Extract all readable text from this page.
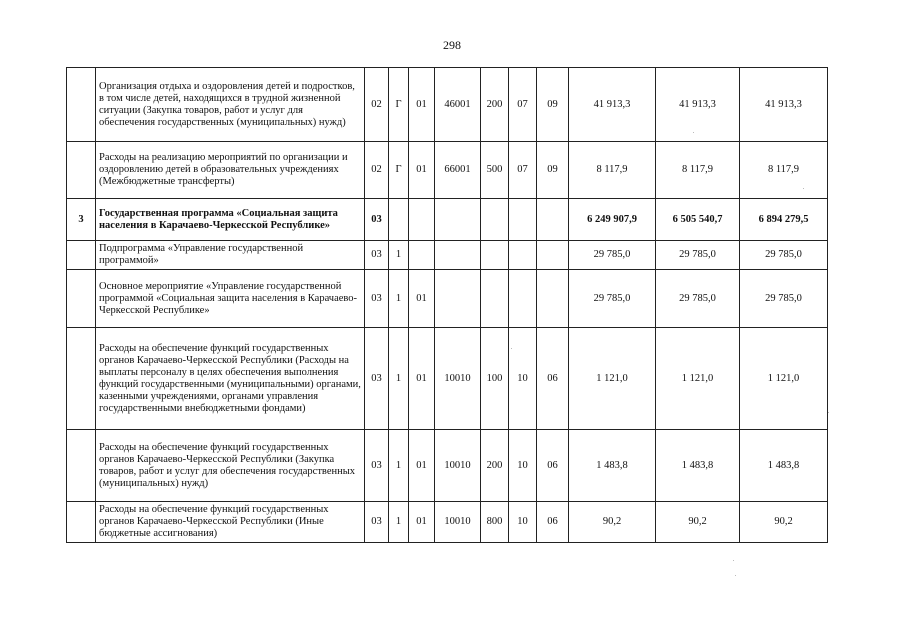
298
	Организация отдыха и оздоровления детей и подростков, в том числе детей, находящихся в трудной жизненной ситуации (Закупка товаров, работ и услуг для обеспечения государственных (муниципальных) нужд)	02	Г	01	46001	200	07	09	41 913,3	41 913,3	41 913,3
	Расходы на реализацию мероприятий по организации и оздоровлению детей в образовательных учреждениях (Межбюджетные трансферты)	02	Г	01	66001	500	07	09	8 117,9	8 117,9	8 117,9
3	Государственная программа «Социальная защита населения в Карачаево-Черкесской Республике»	03							6 249 907,9	6 505 540,7	6 894 279,5
	Подпрограмма «Управление государственной программой»	03	1						29 785,0	29 785,0	29 785,0
	Основное мероприятие «Управление государственной программой «Социальная защита населения в Карачаево-Черкесской Республике»	03	1	01					29 785,0	29 785,0	29 785,0
	Расходы на обеспечение функций государственных органов Карачаево-Черкесской Республики (Расходы на выплаты персоналу в целях обеспечения выполнения функций государственными (муниципальными) органами, казенными учреждениями, органами управления государственными внебюджетными фондами)	03	1	01	10010	100	10	06	1 121,0	1 121,0	1 121,0
	Расходы на обеспечение функций государственных органов Карачаево-Черкесской Республики (Закупка товаров, работ и услуг для обеспечения государственных (муниципальных) нужд)	03	1	01	10010	200	10	06	1 483,8	1 483,8	1 483,8
	Расходы на обеспечение функций государственных органов Карачаево-Черкесской Республики (Иные бюджетные ассигнования)	03	1	01	10010	800	10	06	90,2	90,2	90,2
